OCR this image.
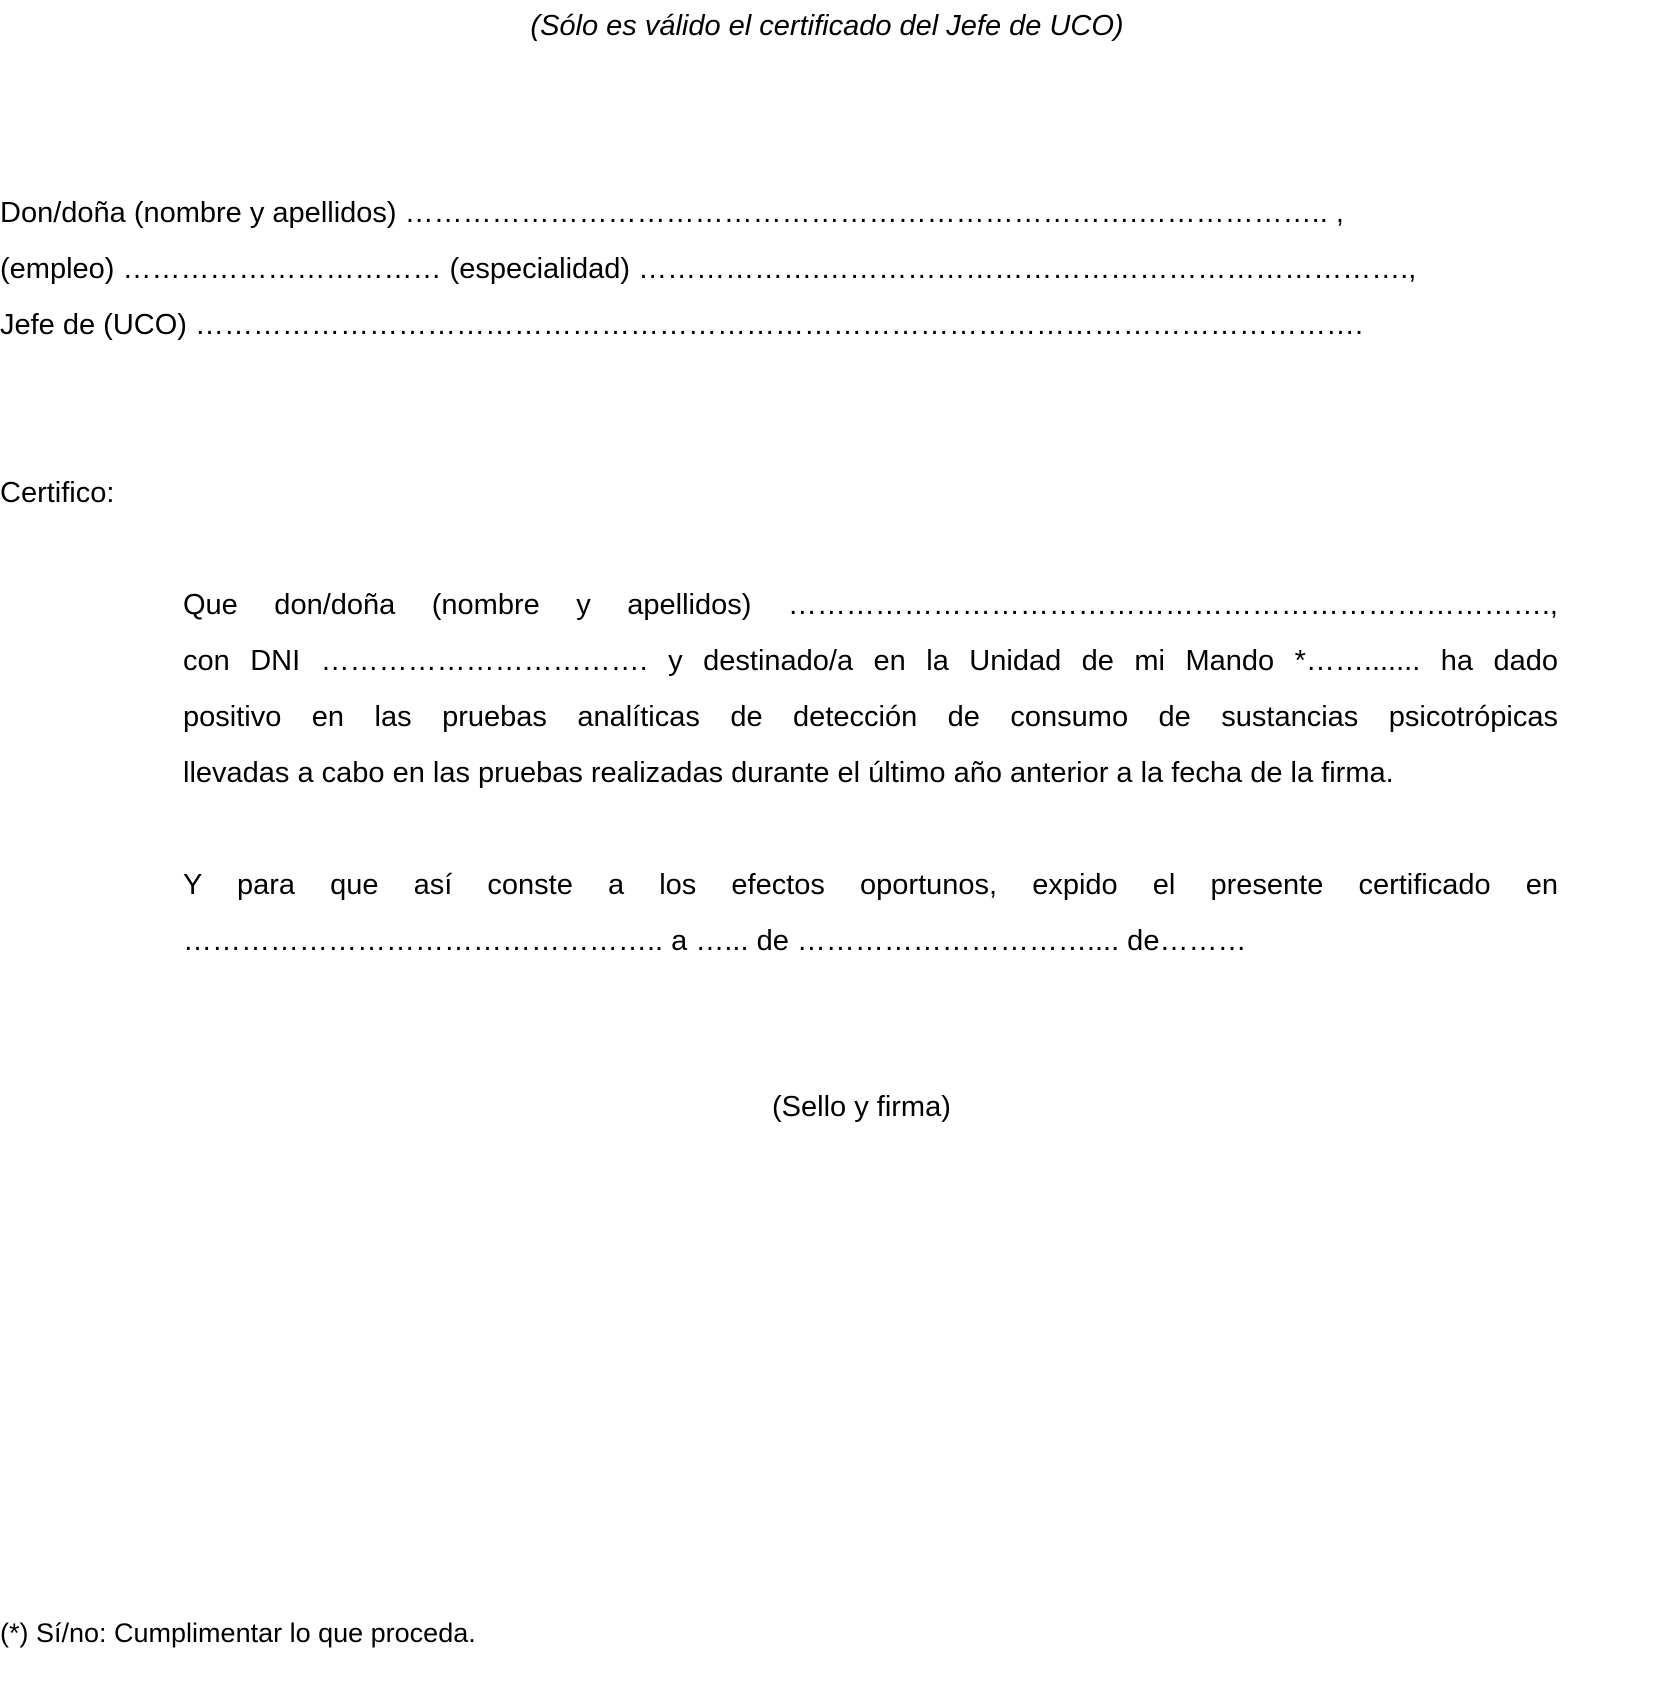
(Sólo es válido el certificado del Jefe de UCO)
Don/doña (nombre y apellidos) ………………………………………………………………….……………….. ,
(empleo) …………………………… (especialidad) ……………….…………………………………………………….,
Jefe de (UCO) ………………………………………………………………………………………………………….
Certifico:
Que don/doña (nombre y apellidos) …………………………………………………………………….,
con DNI ……………………………. y destinado/a en la Unidad de mi Mando *……....... ha dado
positivo en las pruebas analíticas de detección de consumo de sustancias psicotrópicas
llevadas a cabo en las pruebas realizadas durante el último año anterior a la fecha de la firma.
Y para que así conste a los efectos oportunos, expido el presente certificado en
………………………………………….. a …... de ………………………….... de………
(Sello y firma)
(*) Sí/no: Cumplimentar lo que proceda.
